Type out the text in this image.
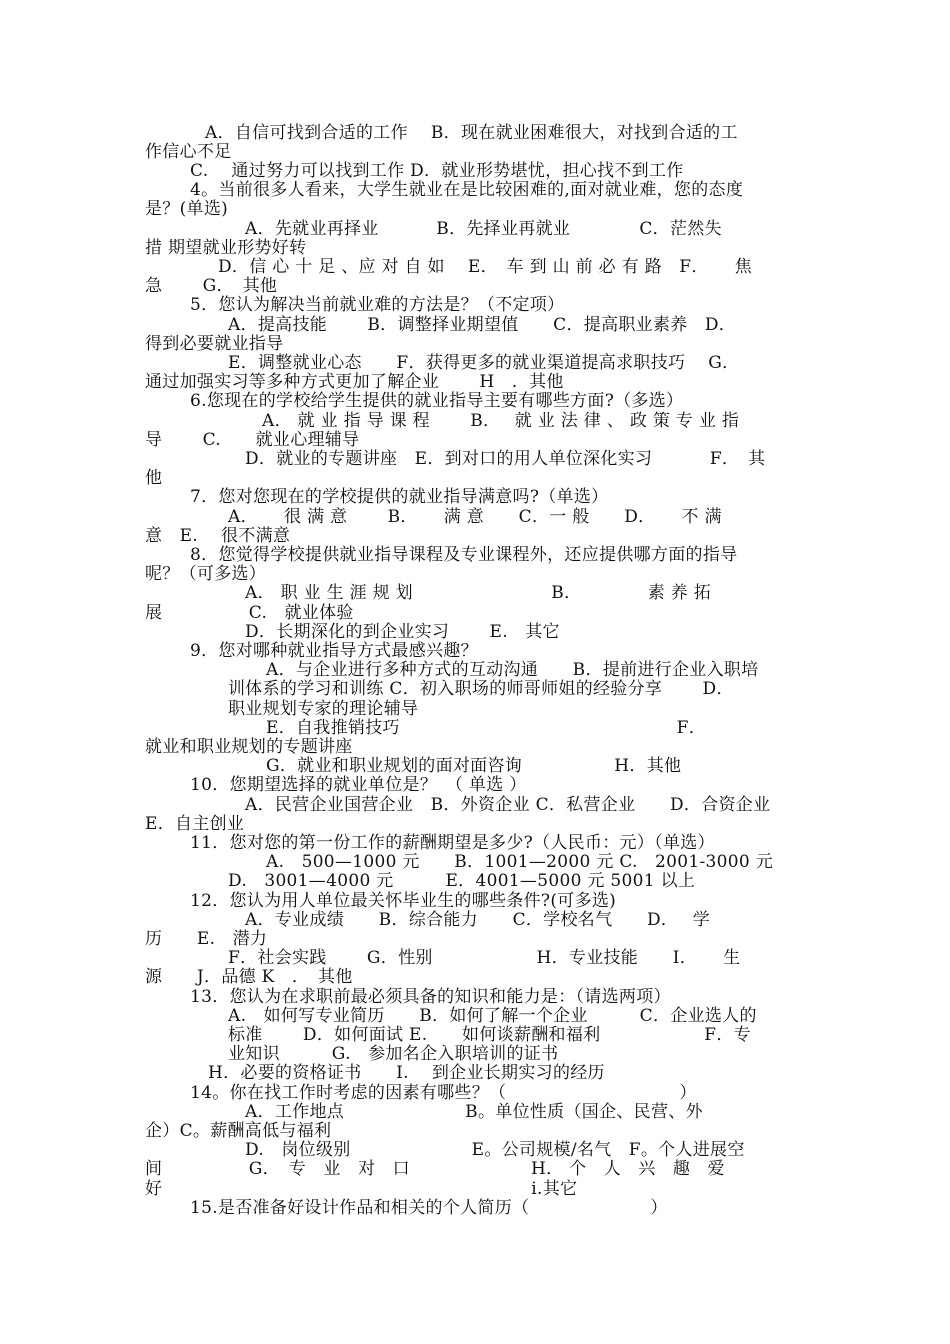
A．自信可找到合适的工作　 B．现在就业困难很大，对找到合适的工
作信心不足
C.　 通过努力可以找到工作 D．就业形势堪忧，担心找不到工作
4。当前很多人看来，大学生就业在是比较困难的,面对就业难，您的态度
是？(单选)
A．先就业再择业　　　 B．先择业再就业　　　　C．茫然失
措 期望就业形势好转
D．信 心 十 足 、应 对 自 如　 E．　车 到 山 前 必 有 路　F．　　焦
急　　 G．　其他
5．您认为解决当前就业难的方法是？（不定项）
A．提高技能　　 B．调整择业期望值　　C．提高职业素养　D．
得到必要就业指导
E．调整就业心态　　F．获得更多的就业渠道提高求职技巧　 G．
通过加强实习等多种方式更加了解企业　　 H　．其他
6.您现在的学校给学生提供的就业指导主要有哪些方面?（多选）
A． 就 业 指 导 课 程　　 B．　 就 业 法 律 、 政 策 专 业 指
导　　 C.　　就业心理辅导
D．就业的专题讲座　E．到对口的用人单位深化实习　　　 F．　其
他
7．您对您现在的学校提供的就业指导满意吗?（单选）
A．　　很 满 意　　 B．　　满 意　　C．一 般　　D．　　不 满
意　E.　 很不满意
8．您觉得学校提供就业指导课程及专业课程外，还应提供哪方面的指导
呢？（可多选）
A． 职 业 生 涯 规 划　　　　　　　　B．　　　　 素 养 拓
展　　　　　C.　就业体验
D．长期深化的到企业实习　　 E.　其它
9．您对哪种就业指导方式最感兴趣？
A．与企业进行多种方式的互动沟通　　B．提前进行企业入职培
训体系的学习和训练 C．初入职场的师哥师姐的经验分享　　 D．
职业规划专家的理论辅导
E．自我推销技巧　　　　　　　　　　　　　　　　F．
就业和职业规划的专题讲座
G．就业和职业规划的面对面咨询　　　　　 H．其他
10．您期望选择的就业单位是？　（ 单选 ）
A．民营企业国营企业　B．外资企业 C．私营企业　　D．合资企业
E．自主创业
11．您对您的第一份工作的薪酬期望是多少?（人民币：元）（单选）
A.　500—1000 元　　B．1001—2000 元 C.　2001-3000 元
D.　3001—4000 元　　　E．4001—5000 元 5001 以上
12．您认为用人单位最关怀毕业生的哪些条件?(可多选)
A．专业成绩　　B．综合能力　　C．学校名气　　D．　 学
历　　E.　潜力
F．社会实践　　 G．性别　　　　　　H．专业技能　　I．　　生
源　　J．品德 K　．　其他
13．您认为在求职前最必须具备的知识和能力是：（请选两项）
A.　如何写专业简历　　B．如何了解一个企业　　　C．企业选人的
标准　　 D．如何面试 E.　　如何谈薪酬和福利　　　　　　F．专
业知识　　　G.　参加名企入职培训的证书
H．必要的资格证书　　I.　 到企业长期实习的经历
14。你在找工作时考虑的因素有哪些？（　　　　　　　　　　）
A．工作地点　　　　　　　B。单位性质（国企、民营、外
企）C。薪酬高低与福利
D.　岗位级别　　　　　　　E。公司规模/名气　F。个人进展空
间　　　　　G．　专　业　对　口　　　　　　　H． 个　人　兴　趣　爱
好　　　　　　　　　　　　　　　　　　　　　 i.其它
15.是否准备好设计作品和相关的个人简历（　　　　　　　）
